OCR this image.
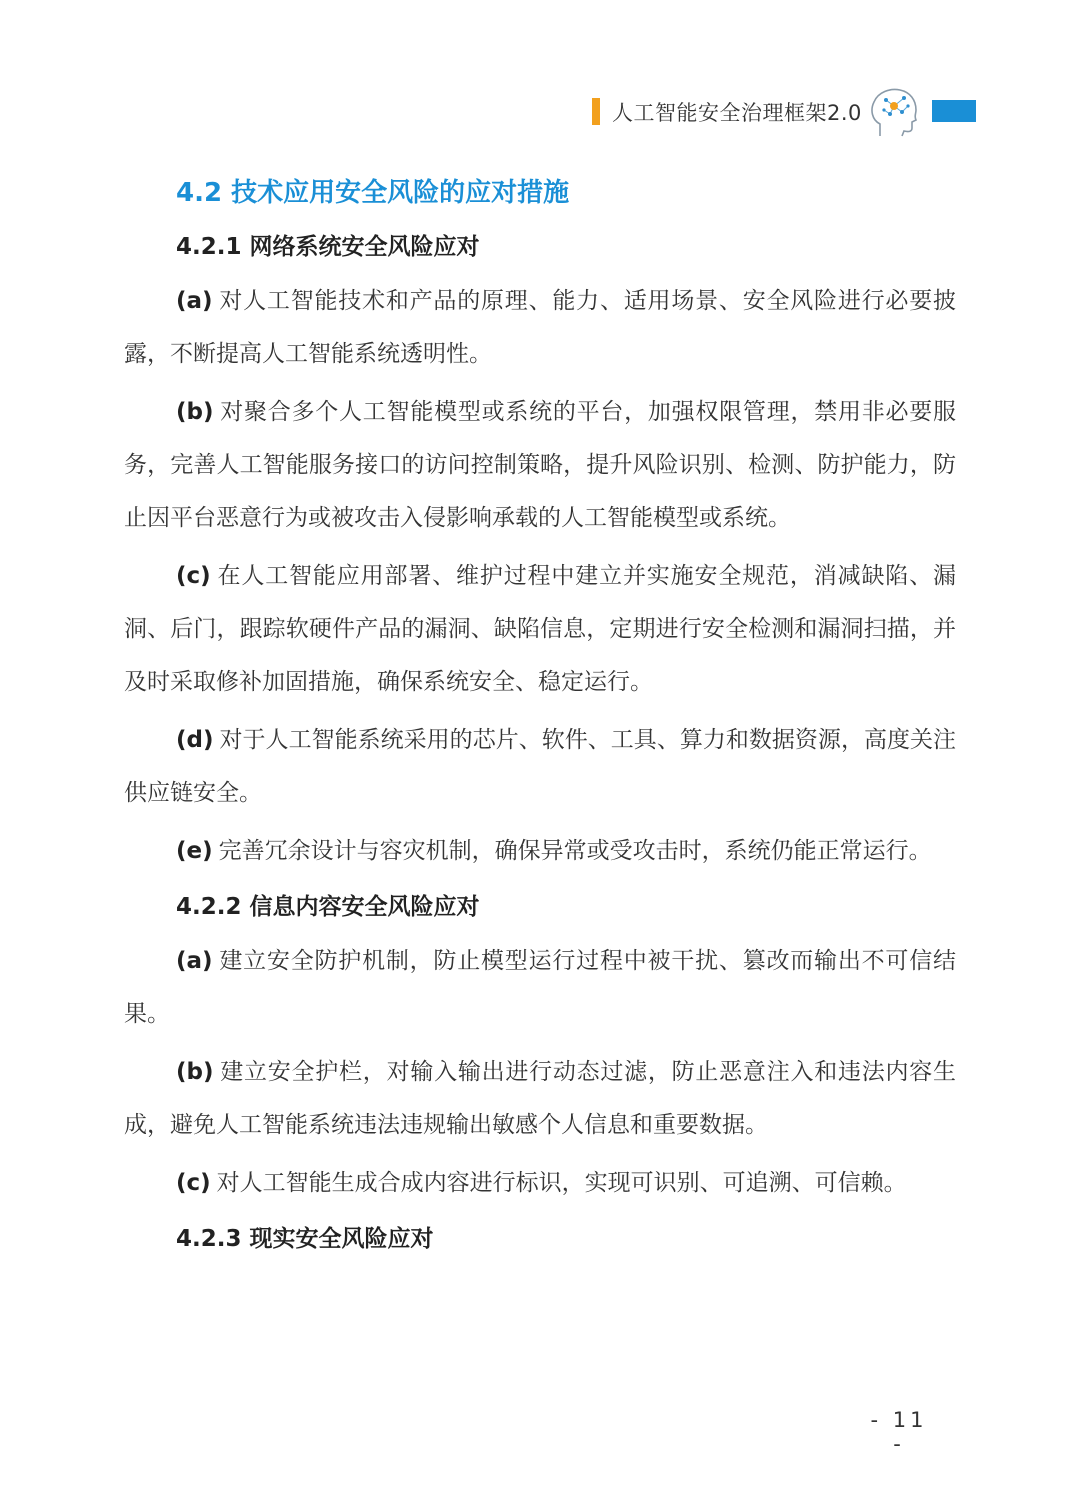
人工智能安全治理框架2.0
4.2 技术应用安全风险的应对措施
4.2.1 网络系统安全风险应对

(a) 对人工智能技术和产品的原理、能力、适用场景、安全风险进行必要披露，不断提高人工智能系统透明性。

(b) 对聚合多个人工智能模型或系统的平台，加强权限管理，禁用非必要服务，完善人工智能服务接口的访问控制策略，提升风险识别、检测、防护能力，防止因平台恶意行为或被攻击入侵影响承载的人工智能模型或系统。

(c) 在人工智能应用部署、维护过程中建立并实施安全规范，消减缺陷、漏洞、后门，跟踪软硬件产品的漏洞、缺陷信息，定期进行安全检测和漏洞扫描，并及时采取修补加固措施，确保系统安全、稳定运行。

(d) 对于人工智能系统采用的芯片、软件、工具、算力和数据资源，高度关注供应链安全。

(e) 完善冗余设计与容灾机制，确保异常或受攻击时，系统仍能正常运行。

4.2.2 信息内容安全风险应对

(a) 建立安全防护机制，防止模型运行过程中被干扰、篡改而输出不可信结果。

(b) 建立安全护栏，对输入输出进行动态过滤，防止恶意注入和违法内容生成，避免人工智能系统违法违规输出敏感个人信息和重要数据。

(c) 对人工智能生成合成内容进行标识，实现可识别、可追溯、可信赖。

4.2.3 现实安全风险应对
- 11 -
